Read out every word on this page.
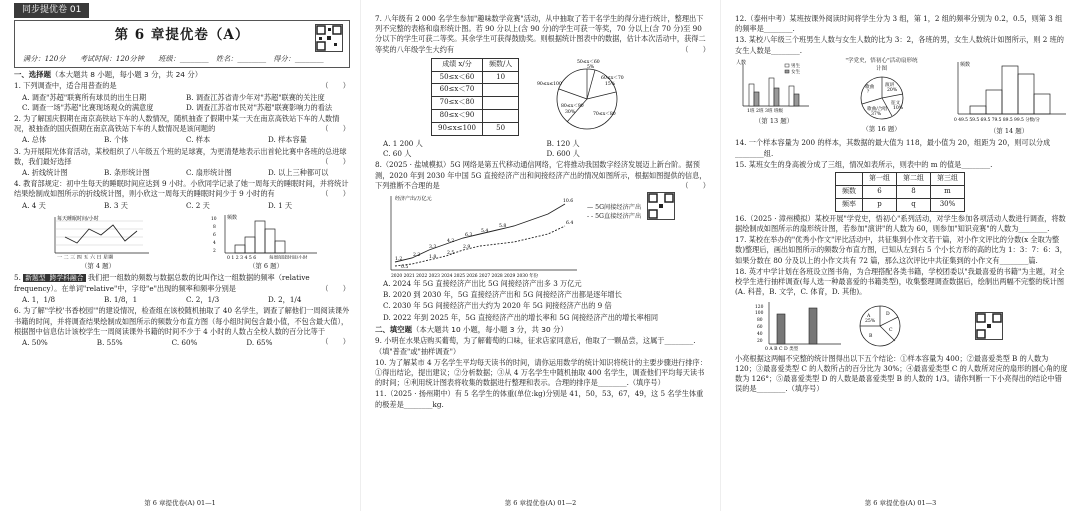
同步提优卷 01
第 6 章提优卷（A）
满分：120分　　考试时间：120分钟　　班级：________　姓名：________　得分：________
一、选择题（本大题共 8 小题，每小题 3 分，共 24 分）
1. 下列调查中，适合用普查的是	（　　）
A. 调查"苏超"联赛所有球员的出生日期	B. 调查江苏省青少年对"苏超"联赛的关注度
C. 调查一场"苏超"比赛现场观众的满意度	D. 调查江苏省市民对"苏超"联赛影响力的看法
2. 为了解国庆假期在南京高铁站下车的人数情况，随机抽查了假期中某一天在南京高铁站下车的人数情况，被抽查的国庆假期在南京高铁站下车的人数情况是该问题的	（　　）
A. 总体	B. 个体	C. 样本	D. 样本容量
3. 为开展阳光体育活动，某校组织了八年级五个班的足球赛，为更清楚地表示出首轮比赛中各班的总进球数，我们最好选择	（　　）
A. 折线统计图	B. 条形统计图	C. 扇形统计图	D. 以上三种都可以
4. 教育部规定：初中生每天的睡眠时间应达到 9 小时。小欣同学记录了她一周每天的睡眠时间，并将统计结果绘制成如图所示的折线统计图，则小欣这一周每天的睡眠时间少于 9 小时的有	（　　）
A. 4 天	B. 3 天	C. 2 天	D. 1 天
每天睡眠时间/小时
一 二 三 四 五 六 日 星期
（第 4 题）
频数
0 1 2 3 4 5 6	每周阅读时间/小时
2
4
6
8
10
（第 6 题）
5. 新题型 跨学科融合 我们把一组数的频数与数据总数的比叫作这一组数据的频率（relative　frequency）。在单词"relative"中，字母"e"出现的频率和频率分别是	（　　）
A. 1，1/8	B. 1/8，1	C. 2，1/3	D. 2，1/4
6. 为了解"学校'书香校园'"的建设情况，检查组在该校随机抽取了 40 名学生，调查了解他们一周阅读课外书籍的时间，并将调查结果绘制成如图所示的频数分布直方图（每小组时间包含最小值，不包含最大值），根据图中信息估计该校学生一周阅读课外书籍的时间不少于 4 小时的人数占全校人数的百分比等于
（　　）
A. 50%	B. 55%	C. 60%	D. 65%
第 6 章提优卷(A) 01—1
7. 八年级有 2 000 名学生参加"趣味数学竞赛"活动，从中抽取了若干名学生的得分进行统计，整理出下列不完整的表格和扇形统计图。若 90 分以上(含 90 分)的学生可获一等奖，70 分以上(含 70 分)至 90 分以下的学生可获二等奖。其余学生可获得鼓励奖。则根据统计图表中的数据，估计本次活动中，获得二等奖的八年级学生大约有	（　　）
成绩 x/分	频数/人
50≤x＜60	10
60≤x＜70	
70≤x＜80	
80≤x＜90	
90≤x≤100	50
50≤x＜60
5%
60≤x＜70
15%
90≤x≤100
80≤x＜90
30%	70≤x＜80
A. 1 200 人	B. 120 人
C. 60 人	D. 600 人
8.（2025 · 盐城模拟）5G 网络是第五代移动通信网络，它将推动我国数字经济发展迈上新台阶。据预测，2020 年到 2030 年中国 5G 直接经济产出和间接经济产出的情况如图所示，根据如图提供的信息，下列推断不合理的是	（　　）
经济产出/万亿元	10.6
6.4
5.8
5.4
6.3
4.2
3.3	2.9
2.5
2.2 1.8
1.2
0.5
2020 2021 2022 2023 2024 2025 2026 2027 2028 2029 2030 年份
— 5G间接经济产出
- - 5G直接经济产出
A. 2024 年 5G 直接经济产出比 5G 间接经济产出多 3 万亿元
B. 2020 到 2030 年，5G 直接经济产出和 5G 间接经济产出都是逐年增长
C. 2030 年 5G 间接经济产出大约为 2020 年 5G 间接经济产出的 9 倍
D. 2022 年到 2025 年，5G 直接经济产出的增长率和 5G 间接经济产出的增长率相同
二、填空题（本大题共 10 小题，每小题 3 分，共 30 分）
9. 小明在水果店购买葡萄，为了解葡萄的口味，征求店家同意后，他取了一颗品尝，这属于________.（填"普查"或"抽样调查"）
10. 为了解某市 4 万名学生平均每天读书的时间，请你运用数学的统计知识将统计的主要步骤进行排序：①得出结论，提出建议；②分析数据；③从 4 万名学生中随机抽取 400 名学生，调查他们平均每天读书的时间；④利用统计图表将收集的数据进行整理和表示。合理的排序是________.（填序号）
11.（2025 · 扬州期中）有 5 名学生的体重(单位:kg)分别是 41，50，53，67，49，这 5 名学生体重的极差是________kg.
第 6 章提优卷(A) 01—2
12.（泰州中考）某班按课外阅读时间将学生分为 3 组，第 1，2 组的频率分别为 0.2，0.5，则第 3 组的频率是________.
13. 某校八年级三个班男生人数与女生人数的比为 3：2，各班的男，女生人数统计如图所示，则 2 班的女生人数是________.
人数
男生
女生
1班 2班 3班 班级
（第 13 题）
"学党史，悟初心"活动扇形统计图
演讲
20%
征文
10%
歌曲
？
歌曲/合唱
37%
（第 16 题）
频数
0 49.5 59.5 69.5 79.5 89.5 99.5 分数/分
（第 14 题）
14. 一个样本容量为 200 的样本，其数据的最大值为 118，最小值为 20，组距为 20，则可以分成________组.
15. 某班女生的身高被分成了三组，情况如表所示，则表中的 m 的值是________.
	第一组	第二组	第三组
频数	6	8	m
频率	p	q	30%
16.（2025 · 漳州模拟）某校开展"学党史，悟初心"系列活动，对学生参加各项活动人数进行调查，将数据绘制成如图所示的扇形统计图，若参加"演讲"的人数为 60，则参加"知识竞赛"的人数为________.
17. 某校在举办的"优秀小作文"评比活动中，共征集到小作文若干篇，对小作文评比的分数(x 全取为整数)整理后，画出如图所示的频数分布直方图，已知从左到右 5 个小长方形的高的比为 1：3：7：6：3，如果分数在 80 分及以上的小作文共有 72 篇，那么这次评比中共征集到的小作文有________篇.
18. 英才中学计划在各班设立图书角，为合理搭配各类书籍，学校团委以"我最喜爱的书籍"为主题，对全校学生进行抽样调查(每人选一种最喜爱的书籍类型)，收集整理调查数据后，绘制出两幅不完整的统计图(A. 科普，B. 文学，C. 体育，D. 其他)。
120
100
80
60
40
20
0 A B C D 类型
A
25%
B
C
D
小亮根据这两幅不完整的统计图得出以下五个结论：①样本容量为 400；②最喜爱类型 B 的人数为 120；③最喜爱类型 C 的人数所占的百分比为 30%；④最喜爱类型 C 的人数所对应的扇形的圆心角的度数为 126°；⑤最喜爱类型 D 的人数是最喜爱类型 B 的人数的 1/3。请你判断一下小亮得出的结论中错误的是________.（填序号）
第 6 章提优卷(A) 01—3
